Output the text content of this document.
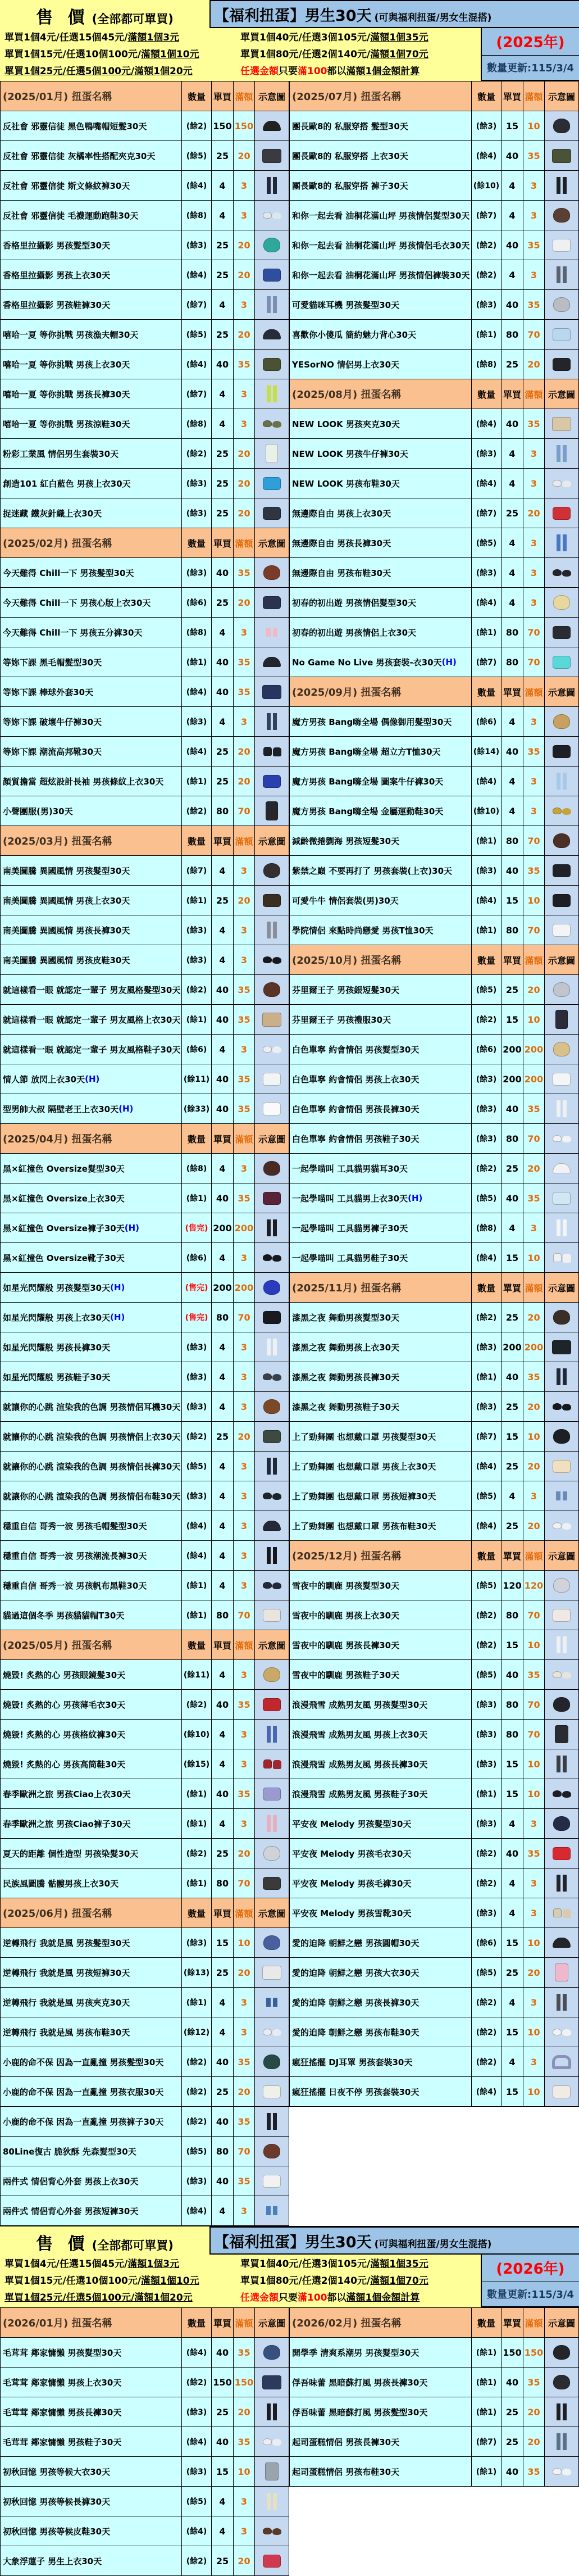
售 價 (全部都可單買)	【福利扭蛋】男生30天 (可與福利扭蛋/男女生混搭)
單買1個4元/任選15個45元/滿額1個3元
單買1個15元/任選10個100元/滿額1個10元
單買1個25元/任選5個100元/滿額1個20元
單買1個40元/任選3個105元/滿額1個35元
單買1個80元/任選2個140元/滿額1個70元
任選金額只要滿100都以滿額1個金額計算
(2025年)
數量更新:115/3/4
(2025/01月) 扭蛋名稱	數量 單買 滿額 示意圖
反社會 邪靈信徒 黑色鴨嘴帽短髮30天	(餘2) 150 150
反社會 邪靈信徒 灰橘率性搭配夾克30天	(餘5)	25	20
反社會 邪靈信徒 斯文條紋褲30天	(餘4)	4	3
反社會 邪靈信徒 毛襪運動跑鞋30天	(餘8)	4	3
香格里拉攝影 男孩髮型30天	(餘3)	25	20
香格里拉攝影 男孩上衣30天	(餘4)	25	20
香格里拉攝影 男孩鞋褲30天	(餘7)	4	3
嘻哈一夏 等你挑戰 男孩漁夫帽30天	(餘5)	25	20
嘻哈一夏 等你挑戰 男孩上衣30天	(餘4)	40	35
嘻哈一夏 等你挑戰 男孩長褲30天	(餘7)	4	3
嘻哈一夏 等你挑戰 男孩涼鞋30天	(餘8)	4	3
粉彩工業風 情侶男生套裝30天	(餘2)	25	20
創造101 紅白藍色 男孩上衣30天	(餘3)	25	20
捉迷藏 鐵灰針織上衣30天	(餘3)	25	20
(2025/02月) 扭蛋名稱	數量 單買 滿額 示意圖
今天難得 Chill一下 男孩髮型30天	(餘3)	40	35
今天難得 Chill一下 男孩心版上衣30天	(餘6)	25	20
今天難得 Chill一下 男孩五分褲30天	(餘8)	4	3
等妳下課 黑毛帽髮型30天	(餘1)	40	35
等妳下課 棒球外套30天	(餘4)	40	35
等妳下課 破壞牛仔褲30天	(餘3)	4	3
等妳下課 潮流高邦靴30天	(餘4)	25	20
顏質擔當 超炫設計長袖 男孩條紋上衣30天	(餘1)	25	20
小聲團服(男)30天	(餘2)	80	70
(2025/03月) 扭蛋名稱	數量 單買 滿額 示意圖
南美圖騰 異國風情 男孩髮型30天	(餘7)	4	3
南美圖騰 異國風情 男孩上衣30天	(餘1)	25	20
南美圖騰 異國風情 男孩長褲30天	(餘3)	4	3
南美圖騰 異國風情 男孩皮鞋30天	(餘3)	4	3
就這樣看一眼 就認定一輩子 男友風格髮型30天 (餘2)	40	35
就這樣看一眼 就認定一輩子 男友風格上衣30天 (餘1)	40	35
就這樣看一眼 就認定一輩子 男友風格鞋子30天 (餘6)	4	3
情人節 放閃上衣30天 (H)	(餘11) 40	35
型男帥大叔 隔壁老王上衣30天 (H)	(餘33) 40	35
(2025/04月) 扭蛋名稱	數量 單買 滿額 示意圖
黑×紅撞色 Oversize髮型30天	(餘8)	4	3
黑×紅撞色 Oversize上衣30天	(餘1)	40	35
黑×紅撞色 Oversize褲子30天 (H)	(售完) 200 200
黑×紅撞色 Oversize靴子30天	(餘6)	4	3
如星光閃耀般 男孩髮型30天 (H)	(售完) 200 200
如星光閃耀般 男孩上衣30天 (H)	(售完) 80	70
如星光閃耀般 男孩長褲30天	(餘3)	4	3
如星光閃耀般 男孩鞋子30天	(餘3)	4	3
就讓你的心跳 渲染我的色調 男孩情侶耳機30天 (餘3)	4	3
就讓你的心跳 渲染我的色調 男孩情侶上衣30天 (餘2)	25	20
就讓你的心跳 渲染我的色調 男孩情侶長褲30天 (餘5)	4	3
就讓你的心跳 渲染我的色調 男孩情侶布鞋30天 (餘3)	4	3
穩重自信 哥秀一波 男孩毛帽髮型30天	(餘4)	4	3
穩重自信 哥秀一波 男孩潮流長褲30天	(餘4)	4	3
穩重自信 哥秀一波 男孩帆布黑鞋30天	(餘1)	4	3
貓過這個冬季 男孩貓貓帽T30天	(餘1)	80	70
(2025/05月) 扭蛋名稱	數量 單買 滿額 示意圖
燒毀! 炙熱的心 男孩眼鏡髮30天	(餘11)	4	3
燒毀! 炙熱的心 男孩薄毛衣30天	(餘2)	40	35
燒毀! 炙熱的心 男孩格紋褲30天	(餘10)	4	3
燒毀! 炙熱的心 男孩高筒鞋30天	(餘15)	4	3
春季歐洲之旅 男孩Ciao上衣30天	(餘1)	40	35
春季歐洲之旅 男孩Ciao褲子30天	(餘1)	4	3
夏天的距離 個性造型 男孩染髮30天	(餘2)	25	20
民族風圖騰 骷髏男孩上衣30天	(餘1)	80	70
(2025/06月) 扭蛋名稱	數量 單買 滿額 示意圖
逆轉飛行 我就是風 男孩髮型30天	(餘3)	15	10
逆轉飛行 我就是風 男孩短褲30天	(餘13) 25	20
逆轉飛行 我就是風 男孩夾克30天	(餘1)	4	3
逆轉飛行 我就是風 男孩布鞋30天	(餘12)	4	3
小鹿的命不保 因為一直亂撞 男孩髮型30天	(餘2)	40	35
小鹿的命不保 因為一直亂撞 男孩衣服30天	(餘2)	25	20
小鹿的命不保 因為一直亂撞 男孩褲子30天	(餘2)	40	35
80Line復古 脆狄酥 先森髮型30天	(餘5)	80	70
兩件式 情侶背心外套 男孩上衣30天	(餘3)	40	35
兩件式 情侶背心外套 男孩短褲30天	(餘4)	4	3
(2025/07月) 扭蛋名稱	數量 單買 滿額 示意圖
團長歐8的 私服穿搭 髮型30天	(餘3)	15	10
團長歐8的 私服穿搭 上衣30天	(餘4)	40	35
團長歐8的 私服穿搭 褲子30天	(餘10)	4	3
和你一起去看 油桐花滿山坪 男孩情侶髮型30天 (餘7)	4	3
和你一起去看 油桐花滿山坪 男孩情侶毛衣30天 (餘2)	40	35
和你一起去看 油桐花滿山坪 男孩情侶褲裝30天 (餘2)	4	3
可愛貓咪耳機 男孩髮型30天	(餘3)	40	35
喜歡你小傻瓜 簡約魅力背心30天	(餘1)	80	70
YESorNO 情侶男上衣30天	(餘8)	25	20
(2025/08月) 扭蛋名稱	數量 單買 滿額 示意圖
NEW LOOK 男孩夾克30天	(餘4)	40	35
NEW LOOK 男孩牛仔褲30天	(餘3)	4	3
NEW LOOK 男孩布鞋30天	(餘4)	4	3
無邊際自由 男孩上衣30天	(餘7)	25	20
無邊際自由 男孩長褲30天	(餘5)	4	3
無邊際自由 男孩布鞋30天	(餘3)	4	3
初春的初出遊 男孩情侶髮型30天	(餘4)	4	3
初春的初出遊 男孩情侶上衣30天	(餘1)	80	70
No Game No Live 男孩套裝-衣30天 (H)	(餘7)	80	70
(2025/09月) 扭蛋名稱	數量 單買 滿額 示意圖
魔方男孩 Bang嗨全場 偶像御用髮型30天	(餘6)	4	3
魔方男孩 Bang嗨全場 超立方T恤30天	(餘14) 40	35
魔方男孩 Bang嗨全場 圖案牛仔褲30天	(餘4)	4	3
魔方男孩 Bang嗨全場 金屬運動鞋30天	(餘10)	4	3
減齡微捲劉海 男孩短髮30天	(餘1)	80	70
紫禁之巔 不要再打了 男孩套裝(上衣)30天	(餘3)	40	35
可愛牛牛 情侶套裝(男)30天	(餘4)	15	10
學院情侶 來點時尚戀愛 男孩T恤30天	(餘1)	80	70
(2025/10月) 扭蛋名稱	數量 單買 滿額 示意圖
芬里爾王子 男孩銀短髮30天	(餘5)	25	20
芬里爾王子 男孩禮服30天	(餘2)	15	10
白色單寧 約會情侶 男孩髮型30天	(餘6) 200 200
白色單寧 約會情侶 男孩上衣30天	(餘3) 200 200
白色單寧 約會情侶 男孩長褲30天	(餘3)	40	35
白色單寧 約會情侶 男孩鞋子30天	(餘3)	80	70
一起學喵叫 工具貓男貓耳30天	(餘2)	25	20
一起學喵叫 工具貓男上衣30天 (H)	(餘5)	40	35
一起學喵叫 工具貓男褲子30天	(餘8)	4	3
一起學喵叫 工具貓男鞋子30天	(餘4)	15	10
(2025/11月) 扭蛋名稱	數量 單買 滿額 示意圖
漆黑之夜 舞動男孩髮型30天	(餘2)	25	20
漆黑之夜 舞動男孩上衣30天	(餘3) 200 200
漆黑之夜 舞動男孩長褲30天	(餘1)	40	35
漆黑之夜 舞動男孩鞋子30天	(餘3)	25	20
上了勁舞團 也想戴口罩 男孩髮型30天	(餘7)	15	10
上了勁舞團 也想戴口罩 男孩上衣30天	(餘4)	25	20
上了勁舞團 也想戴口罩 男孩短褲30天	(餘5)	4	3
上了勁舞團 也想戴口罩 男孩布鞋30天	(餘4)	25	20
(2025/12月) 扭蛋名稱	數量 單買 滿額 示意圖
雪夜中的馴鹿 男孩髮型30天	(餘5) 120 120
雪夜中的馴鹿 男孩上衣30天	(餘2)	80	70
雪夜中的馴鹿 男孩長褲30天	(餘2)	15	10
雪夜中的馴鹿 男孩鞋子30天	(餘5)	40	35
浪漫飛雪 成熟男友風 男孩髮型30天	(餘3)	80	70
浪漫飛雪 成熟男友風 男孩上衣30天	(餘3)	80	70
浪漫飛雪 成熟男友風 男孩長褲30天	(餘3)	15	10
浪漫飛雪 成熟男友風 男孩鞋子30天	(餘1)	15	10
平安夜 Melody 男孩髮型30天	(餘3)	4	3
平安夜 Melody 男孩毛衣30天	(餘2)	40	35
平安夜 Melody 男孩毛褲30天	(餘2)	4	3
平安夜 Melody 男孩雪靴30天	(餘3)	4	3
愛的迫降 朝鮮之戀 男孩圓帽30天	(餘6)	15	10
愛的迫降 朝鮮之戀 男孩大衣30天	(餘5)	25	20
愛的迫降 朝鮮之戀 男孩長褲30天	(餘2)	4	3
愛的迫降 朝鮮之戀 男孩布鞋30天	(餘2)	15	10
瘋狂搖擺 DJ耳罩 男孩套裝30天	(餘2)	4	3
瘋狂搖擺 日夜不停 男孩套裝30天	(餘4)	15	10
售 價 (全部都可單買)	【福利扭蛋】男生30天 (可與福利扭蛋/男女生混搭)
單買1個4元/任選15個45元/滿額1個3元
單買1個15元/任選10個100元/滿額1個10元
單買1個25元/任選5個100元/滿額1個20元
單買1個40元/任選3個105元/滿額1個35元
單買1個80元/任選2個140元/滿額1個70元
任選金額只要滿100都以滿額1個金額計算
(2026年)
數量更新:115/3/4
(2026/01月) 扭蛋名稱	數量 單買 滿額 示意圖
毛茸茸 鄰家慵懶 男孩髮型30天	(餘4)	40	35
毛茸茸 鄰家慵懶 男孩上衣30天	(餘2) 150 150
毛茸茸 鄰家慵懶 男孩長褲30天	(餘3)	25	20
毛茸茸 鄰家慵懶 男孩鞋子30天	(餘4)	40	35
初秋回憶 男孩等候大衣30天	(餘3)	15	10
初秋回憶 男孩等候長褲30天	(餘5)	4	3
初秋回憶 男孩等候皮鞋30天	(餘4)	4	3
大象浮蓮子 男生上衣30天	(餘2)	25	20
(2026/02月) 扭蛋名稱	數量 單買 滿額 示意圖
開學季 清爽系潮男 男孩髮型30天	(餘1) 150 150
俘吾味蕾 黑暗蘇打風 男孩長褲30天	(餘1)	40	35
俘吾味蕾 黑暗蘇打風 男孩髮型30天	(餘1)	25	20
起司蛋糕情侶 男孩長褲30天	(餘7)	25	20
起司蛋糕情侶 男孩布鞋30天	(餘1)	40	35
